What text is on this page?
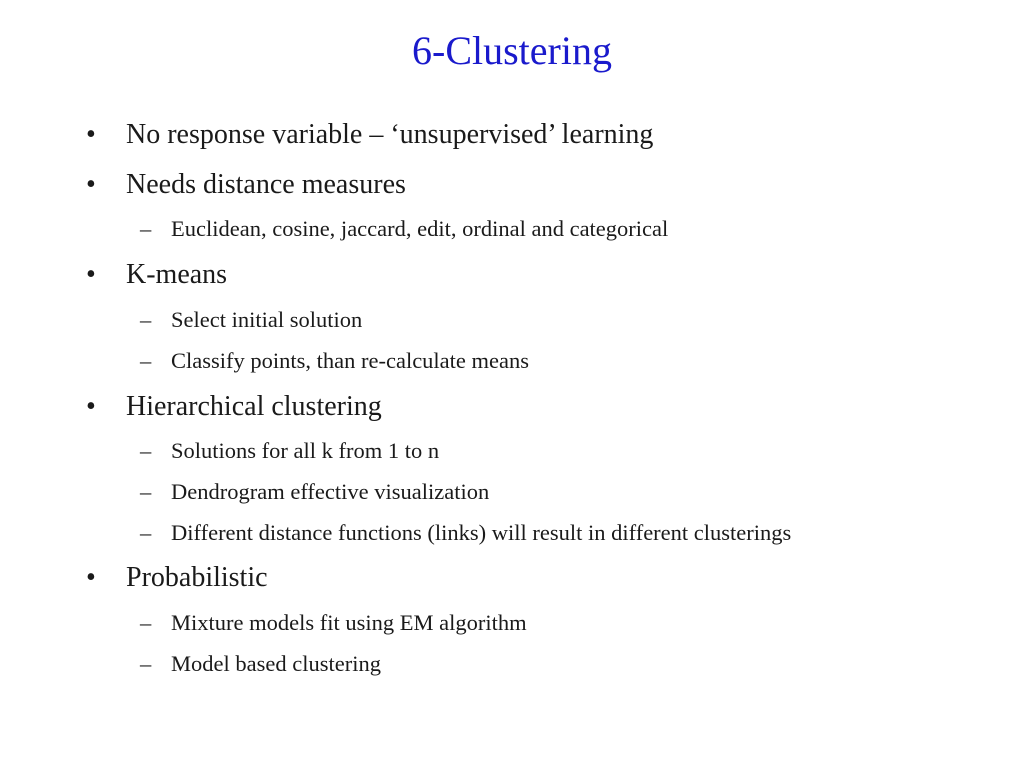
6-Clustering
• No response variable – ‘unsupervised’ learning
• Needs distance measures
– Euclidean, cosine, jaccard, edit, ordinal and categorical
• K-means
– Select initial solution
– Classify points, than re-calculate means
• Hierarchical clustering
– Solutions for all k from 1 to n
– Dendrogram effective visualization
– Different distance functions (links) will result in different clusterings
• Probabilistic
– Mixture models fit using EM algorithm
– Model based clustering
